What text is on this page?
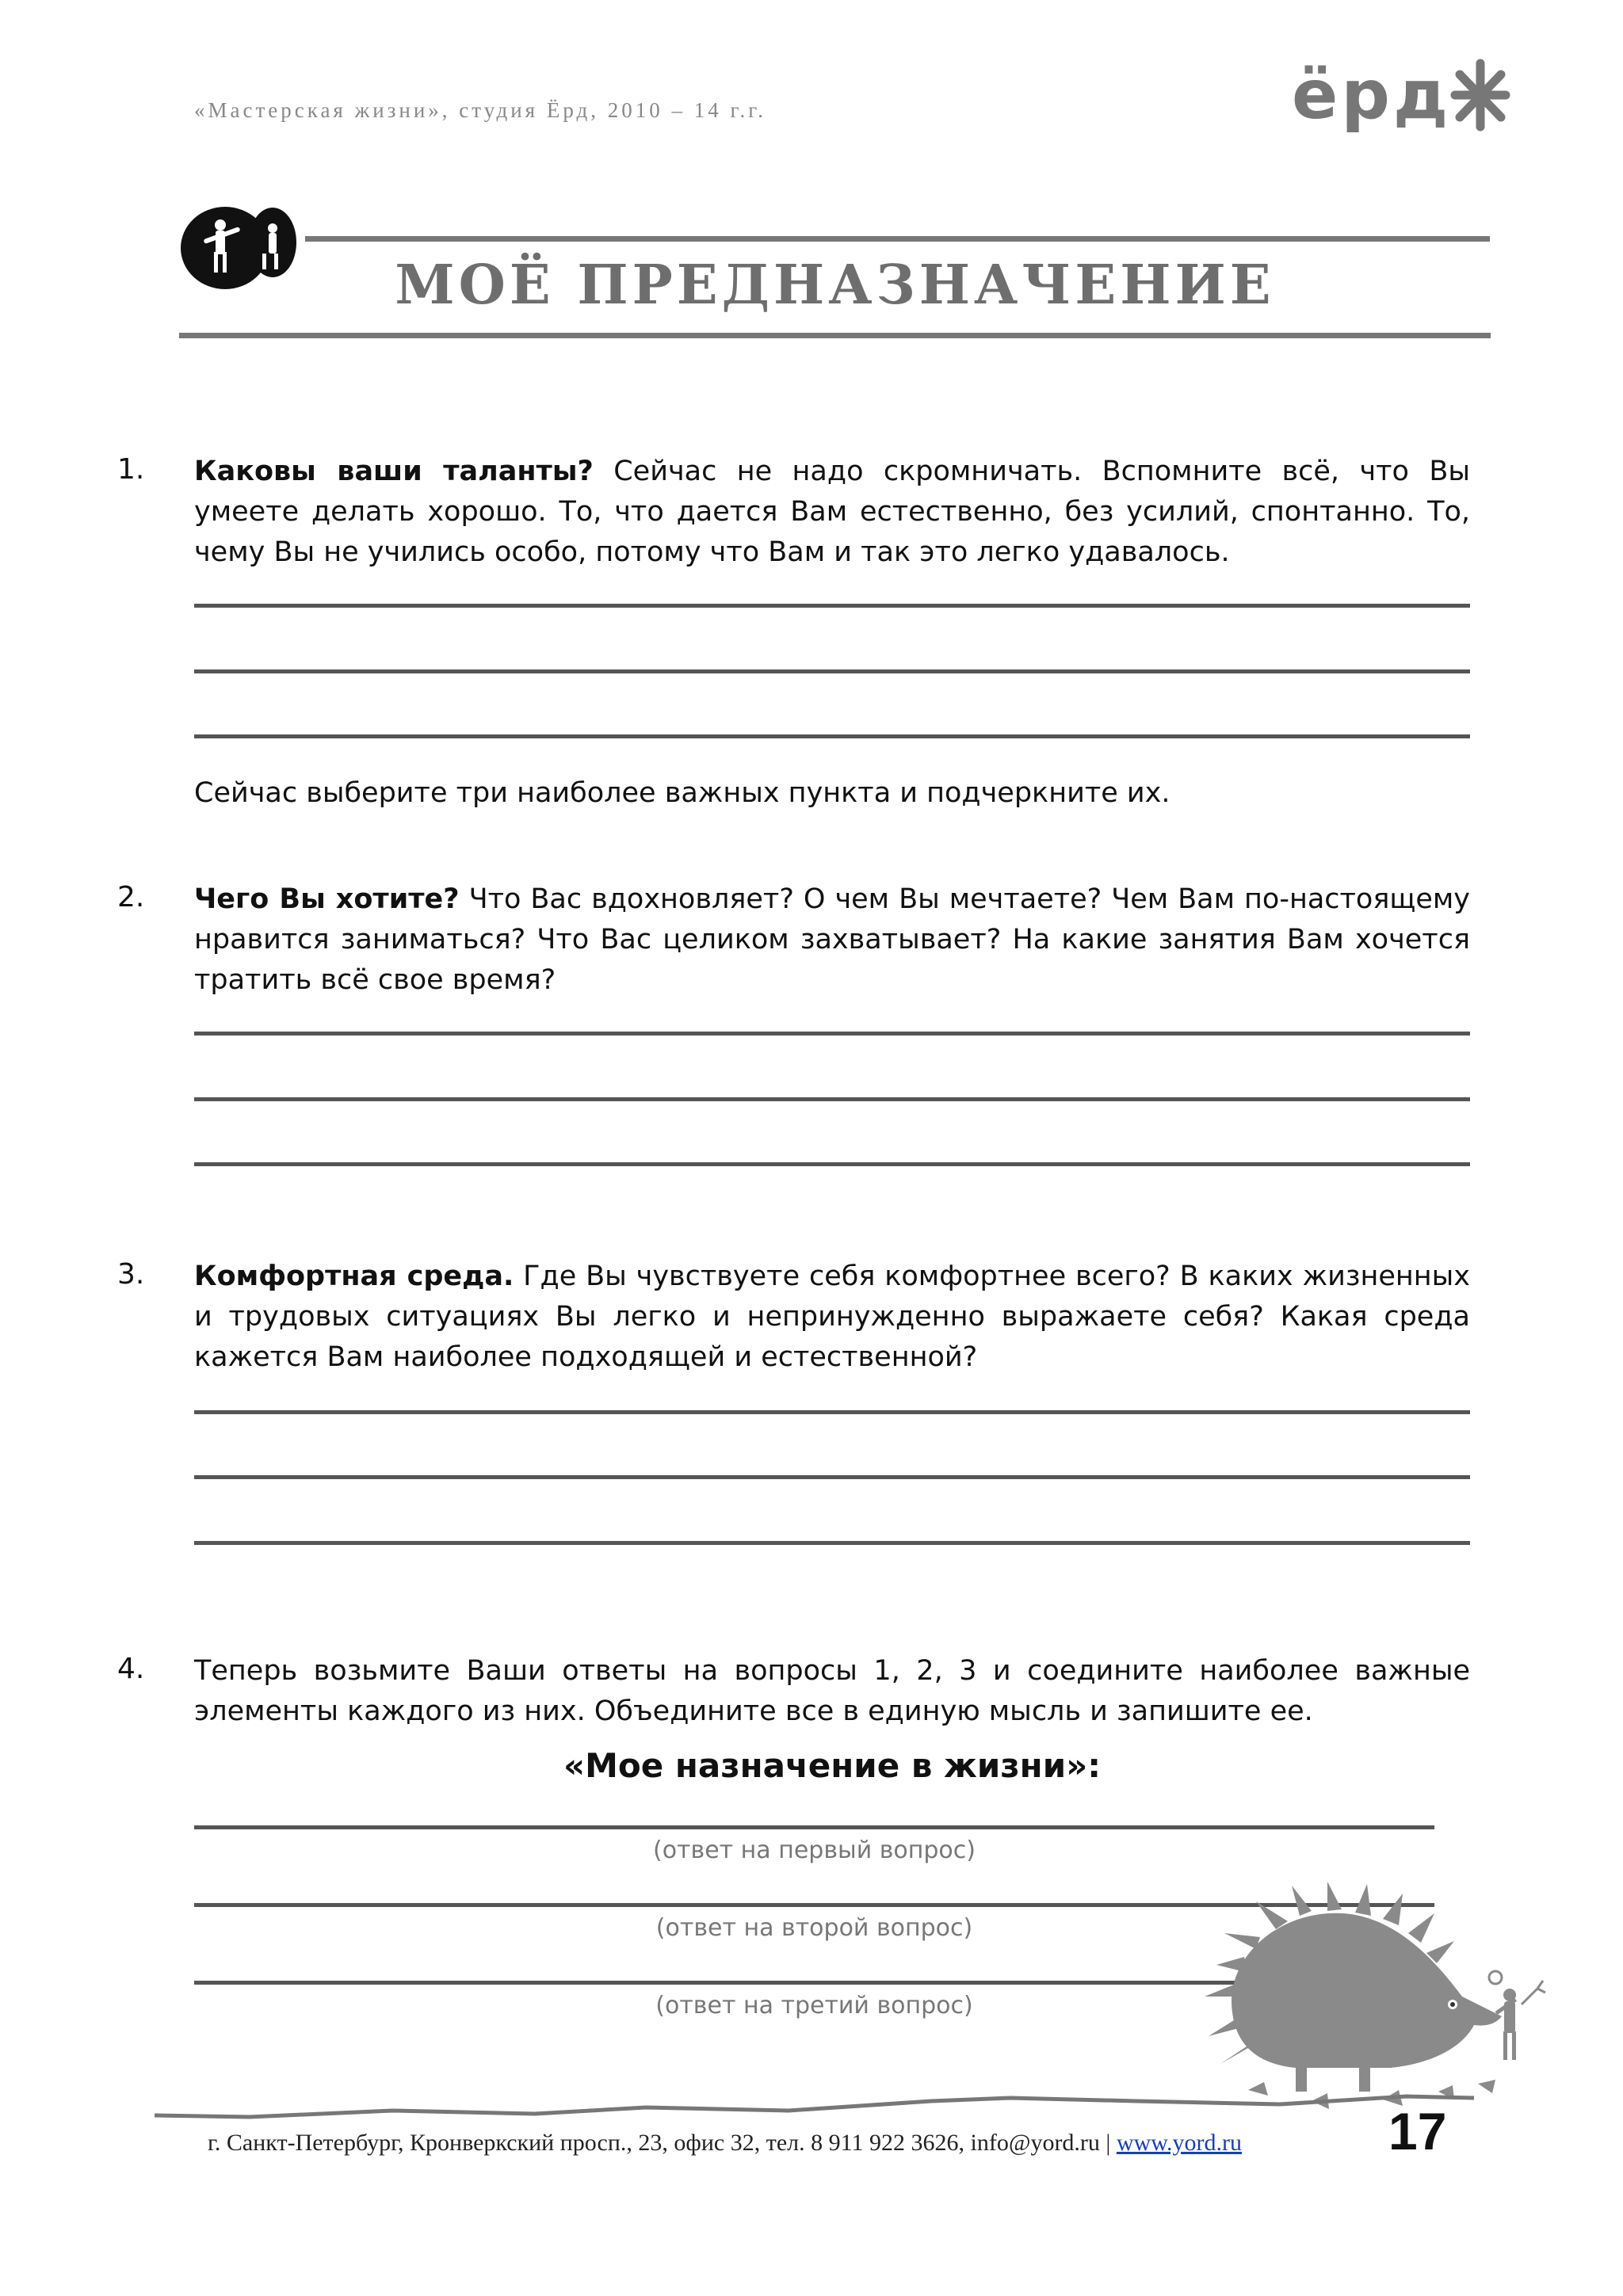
«Мастерская жизни», студия Ёрд, 2010 – 14 г.г.	ёрд
МОЁ ПРЕДНАЗНАЧЕНИЕ
1. Каковы ваши таланты? Сейчас не надо скромничать. Вспомните всё, что Вы умеете делать хорошо. То, что дается Вам естественно, без усилий, спонтанно. То, чему Вы не учились особо, потому что Вам и так это легко удавалось.
Сейчас выберите три наиболее важных пункта и подчеркните их.
2. Чего Вы хотите? Что Вас вдохновляет? О чем Вы мечтаете? Чем Вам по-настоящему нравится заниматься? Что Вас целиком захватывает? На какие занятия Вам хочется тратить всё свое время?
3. Комфортная среда. Где Вы чувствуете себя комфортнее всего? В каких жизненных и трудовых ситуациях Вы легко и непринужденно выражаете себя? Какая среда кажется Вам наиболее подходящей и естественной?
4. Теперь возьмите Ваши ответы на вопросы 1, 2, 3 и соедините наиболее важные элементы каждого из них. Объедините все в единую мысль и запишите ее.
«Мое назначение в жизни»:
(ответ на первый вопрос)
(ответ на второй вопрос)
(ответ на третий вопрос)
г. Санкт-Петербург, Кронверкский просп., 23, офис 32, тел. 8 911 922 3626, info@yord.ru | www.yord.ru	17
